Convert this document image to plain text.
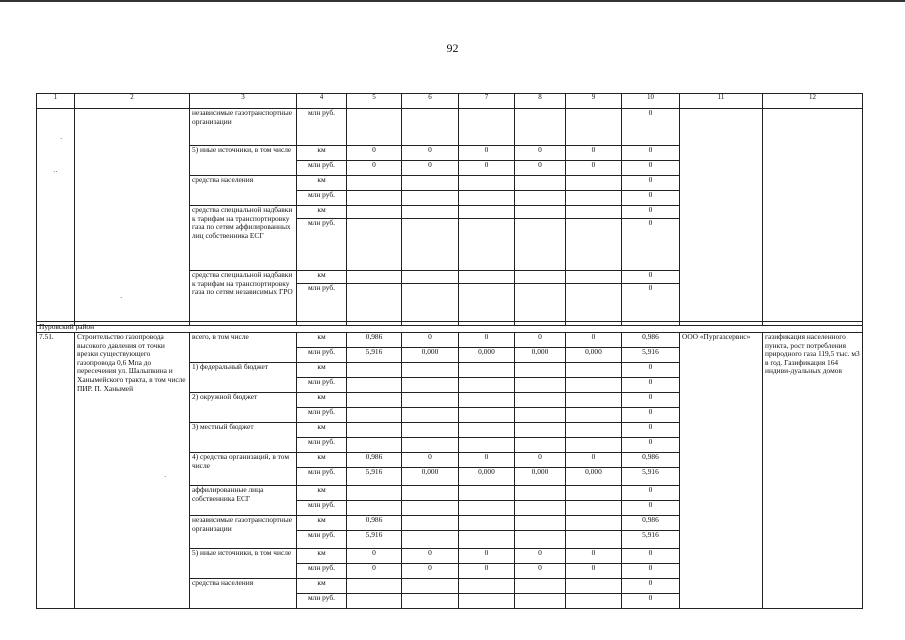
92
·
··
·
·
1	2	3	4	5	6	7	8	9	10	11	12
		независимые газотранспортные организации	млн руб.						0		
		5) иные источники, в том числе	км	0	0	0	0	0	0		
			млн руб.	0	0	0	0	0	0		
		средства населения	км						0		
			млн руб.						0		
		средства специальной надбавки к тарифам на транспортировку газа по сетям аффилированных лиц собственника ЕСГ	км						0		
			млн руб.						0		
		средства специальной надбавки к тарифам на транспортировку газа по сетям независимых ГРО	км						0		
			млн руб.						0		
Пуровский район											
7.51.	Строительство газопровода высокого давления от точки врезки существующего газопровода 0,6 Мпа до пересечения ул. Шалыпкина и Ханымейского тракта, в том числе ПИР. П. Ханымей	всего, в том числе	км	0,986	0	0	0	0	0,986	ООО «Пургазсервис»	газификация населенного пункта, рост потребления природного газа 119,5 тыс. м3 в год. Газификация 164 индиви-дуальных домов
			млн руб.	5,916	0,000	0,000	0,000	0,000	5,916		
		1) федеральный бюджет	км						0		
			млн руб.						0		
		2) окружной бюджет	км						0		
			млн руб.						0		
		3) местный бюджет	км						0		
			млн руб.						0		
		4) средства организаций, в том числе	км	0,986	0	0	0	0	0,986		
			млн руб.	5,916	0,000	0,000	0,000	0,000	5,916		
		аффилированные лица собственника ЕСГ	км						0		
			млн руб.						0		
		независимые газотранспортные организации	км	0,986					0,986		
			млн руб.	5,916					5,916		
		5) иные источники, в том числе	км	0	0	0	0	0	0		
			млн руб.	0	0	0	0	0	0		
		средства населения	км						0		
			млн руб.						0		
